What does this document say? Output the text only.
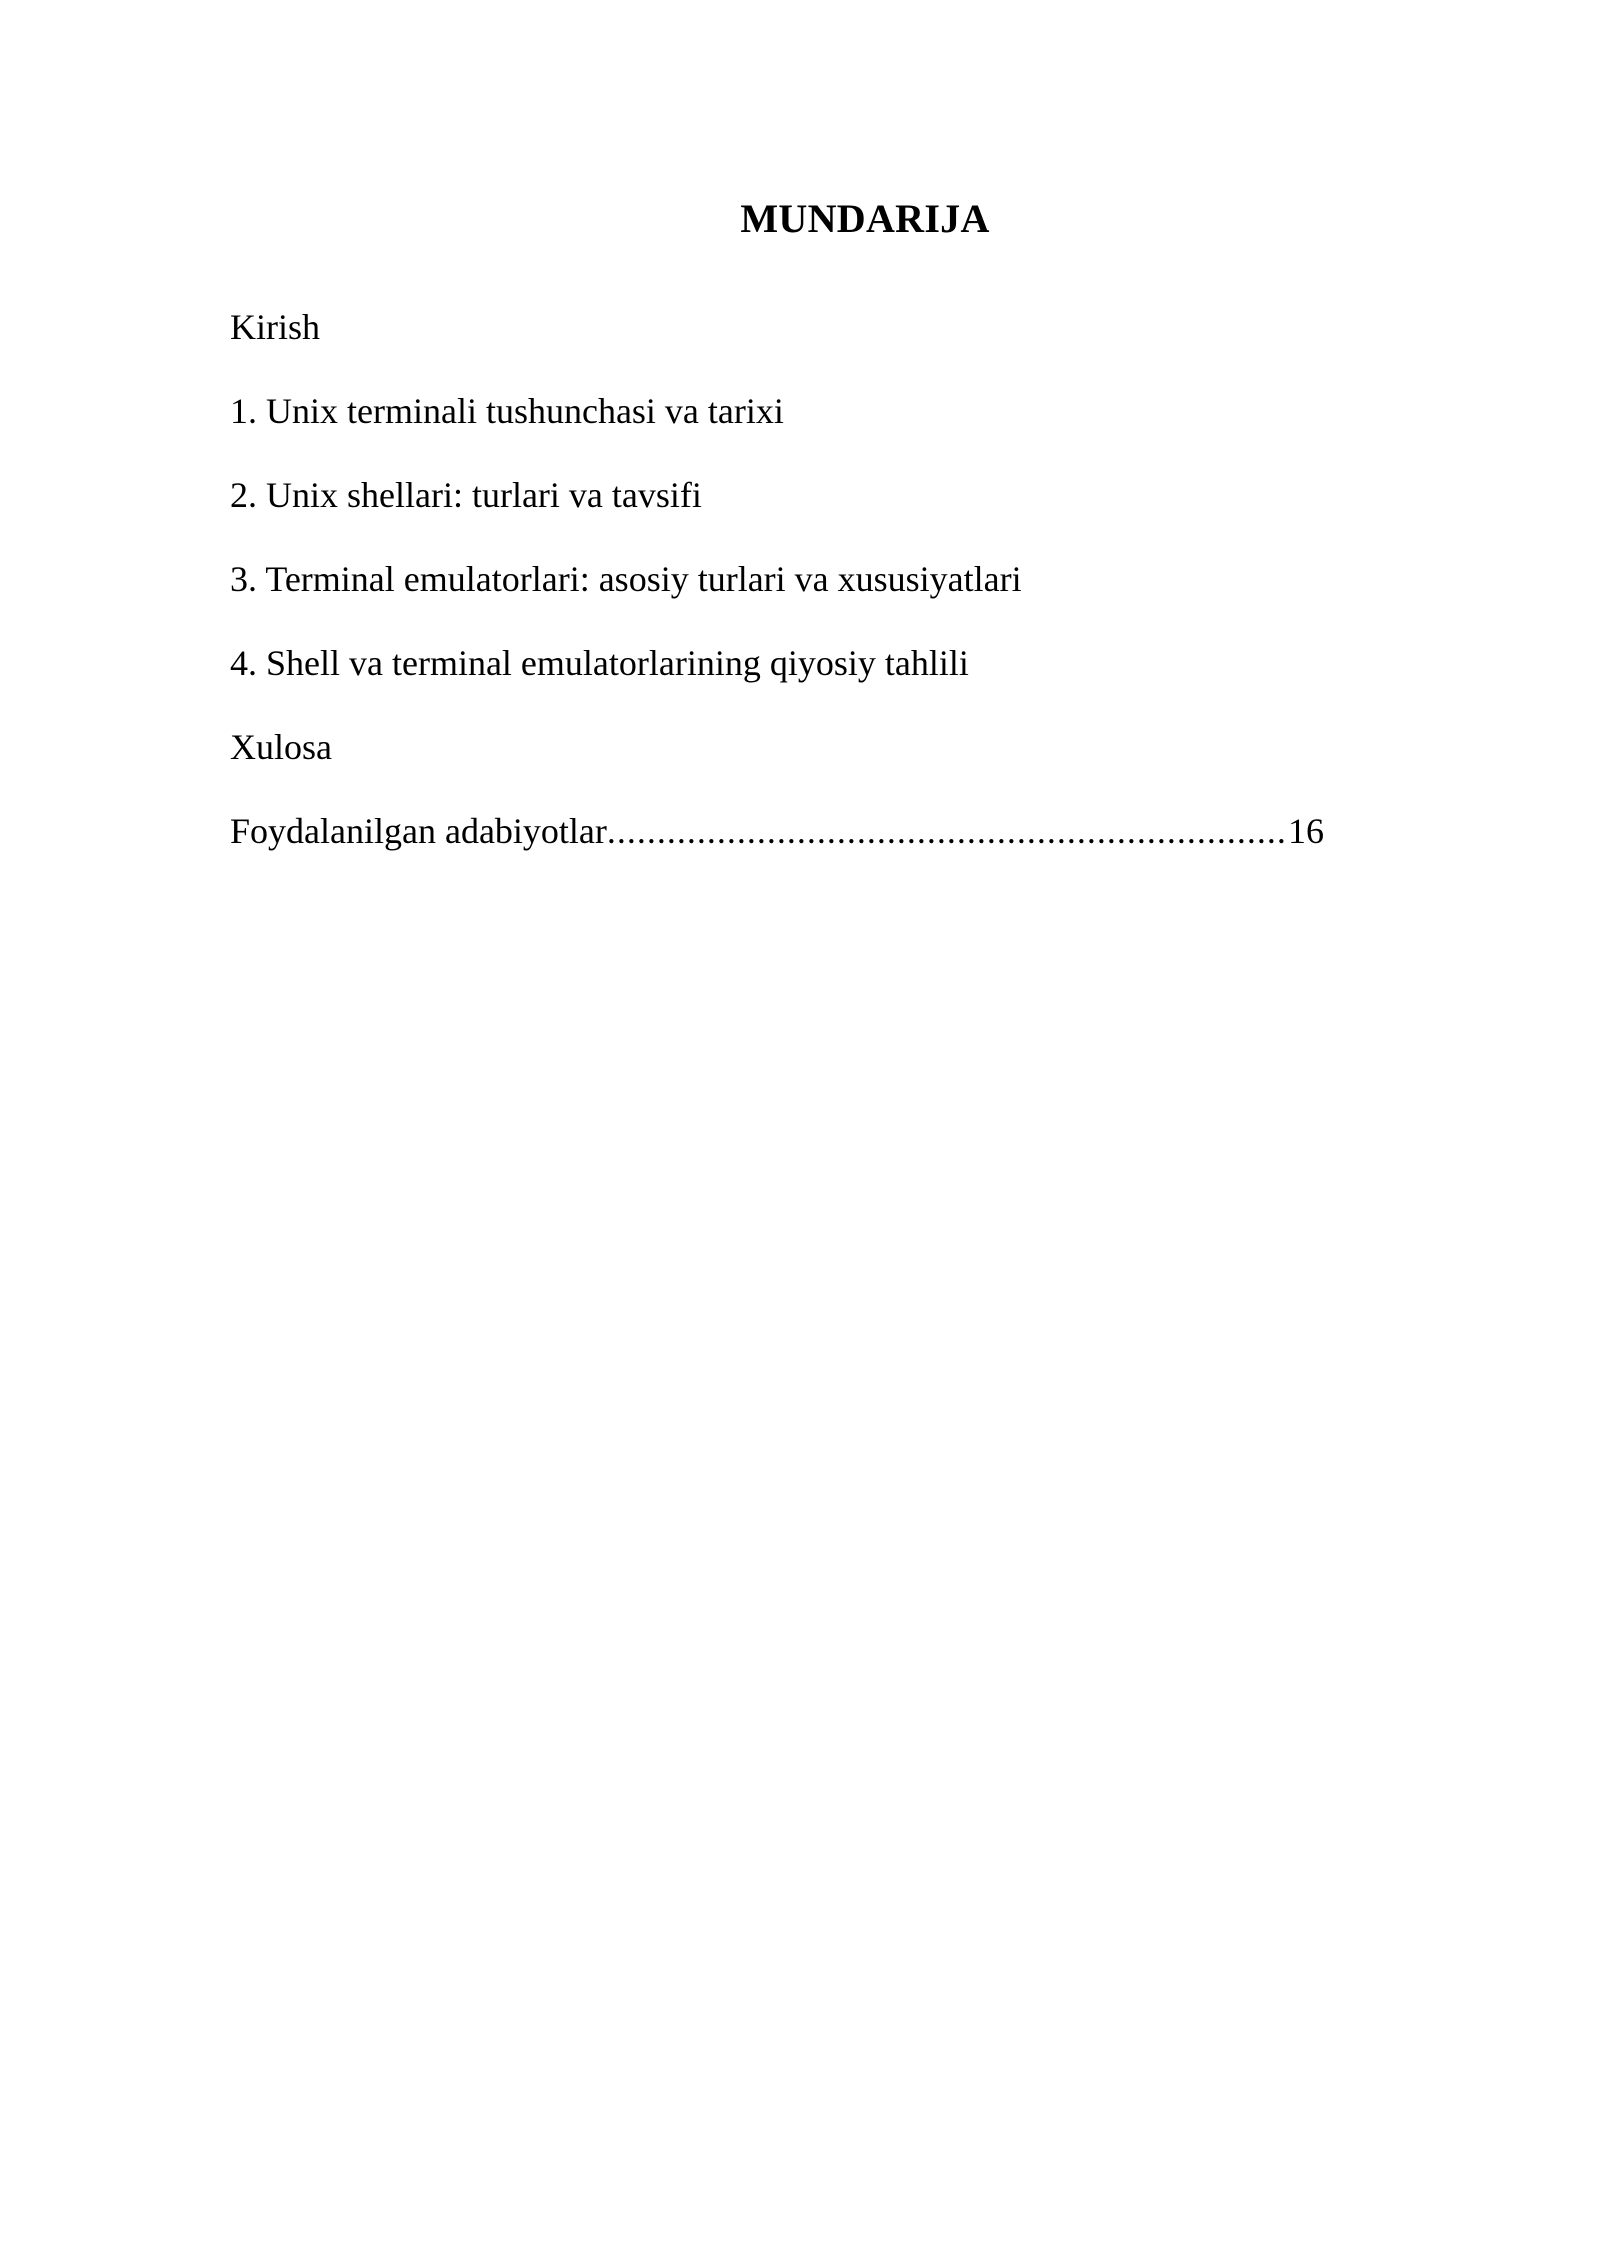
MUNDARIJA
Kirish
1. Unix terminali tushunchasi va tarixi
2. Unix shellari: turlari va tavsifi
3. Terminal emulatorlari: asosiy turlari va xususiyatlari
4. Shell va terminal emulatorlarining qiyosiy tahlili
Xulosa
Foydalanilgan adabiyotlar
.....	16
